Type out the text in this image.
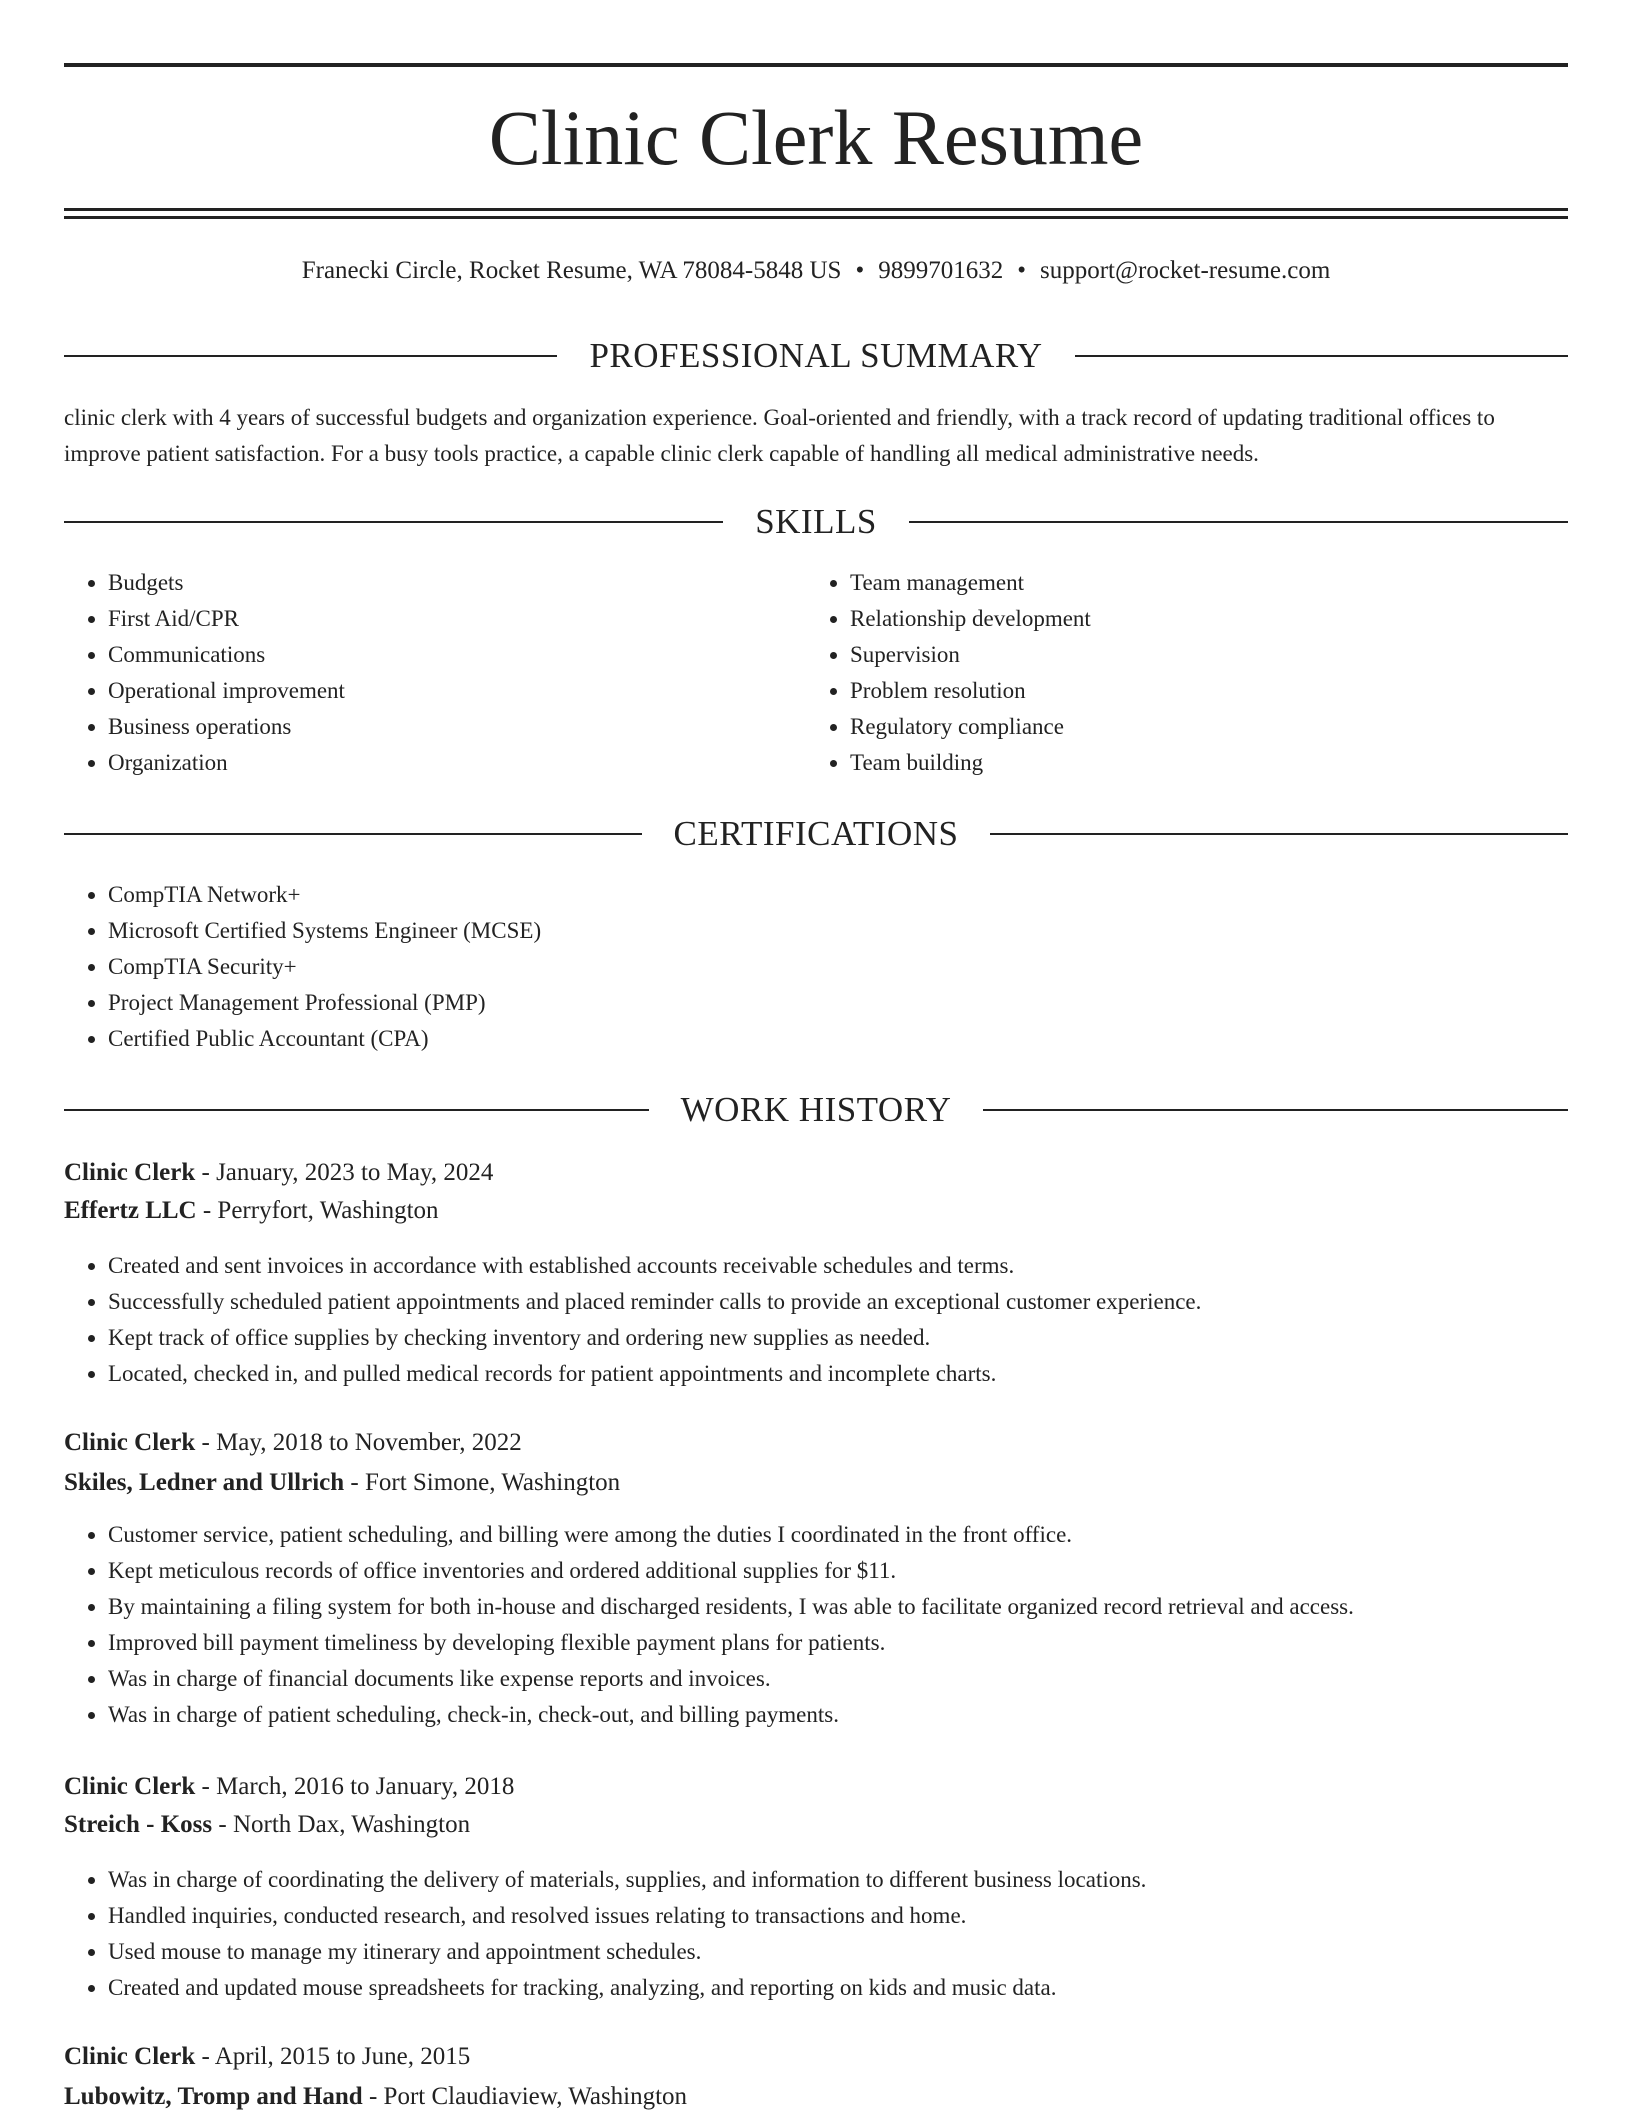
Clinic Clerk Resume
Franecki Circle, Rocket Resume, WA 78084-5848 US • 9899701632 • support@rocket-resume.com
PROFESSIONAL SUMMARY
clinic clerk with 4 years of successful budgets and organization experience. Goal-oriented and friendly, with a track record of updating traditional offices to improve patient satisfaction. For a busy tools practice, a capable clinic clerk capable of handling all medical administrative needs.
SKILLS
• Budgets
• First Aid/CPR
• Communications
• Operational improvement
• Business operations
• Organization
• Team management
• Relationship development
• Supervision
• Problem resolution
• Regulatory compliance
• Team building
CERTIFICATIONS
• CompTIA Network+
• Microsoft Certified Systems Engineer (MCSE)
• CompTIA Security+
• Project Management Professional (PMP)
• Certified Public Accountant (CPA)
WORK HISTORY
Clinic Clerk - January, 2023 to May, 2024
Effertz LLC - Perryfort, Washington
• Created and sent invoices in accordance with established accounts receivable schedules and terms.
• Successfully scheduled patient appointments and placed reminder calls to provide an exceptional customer experience.
• Kept track of office supplies by checking inventory and ordering new supplies as needed.
• Located, checked in, and pulled medical records for patient appointments and incomplete charts.
Clinic Clerk - May, 2018 to November, 2022
Skiles, Ledner and Ullrich - Fort Simone, Washington
• Customer service, patient scheduling, and billing were among the duties I coordinated in the front office.
• Kept meticulous records of office inventories and ordered additional supplies for $11.
• By maintaining a filing system for both in-house and discharged residents, I was able to facilitate organized record retrieval and access.
• Improved bill payment timeliness by developing flexible payment plans for patients.
• Was in charge of financial documents like expense reports and invoices.
• Was in charge of patient scheduling, check-in, check-out, and billing payments.
Clinic Clerk - March, 2016 to January, 2018
Streich - Koss - North Dax, Washington
• Was in charge of coordinating the delivery of materials, supplies, and information to different business locations.
• Handled inquiries, conducted research, and resolved issues relating to transactions and home.
• Used mouse to manage my itinerary and appointment schedules.
• Created and updated mouse spreadsheets for tracking, analyzing, and reporting on kids and music data.
Clinic Clerk - April, 2015 to June, 2015
Lubowitz, Tromp and Hand - Port Claudiaview, Washington
